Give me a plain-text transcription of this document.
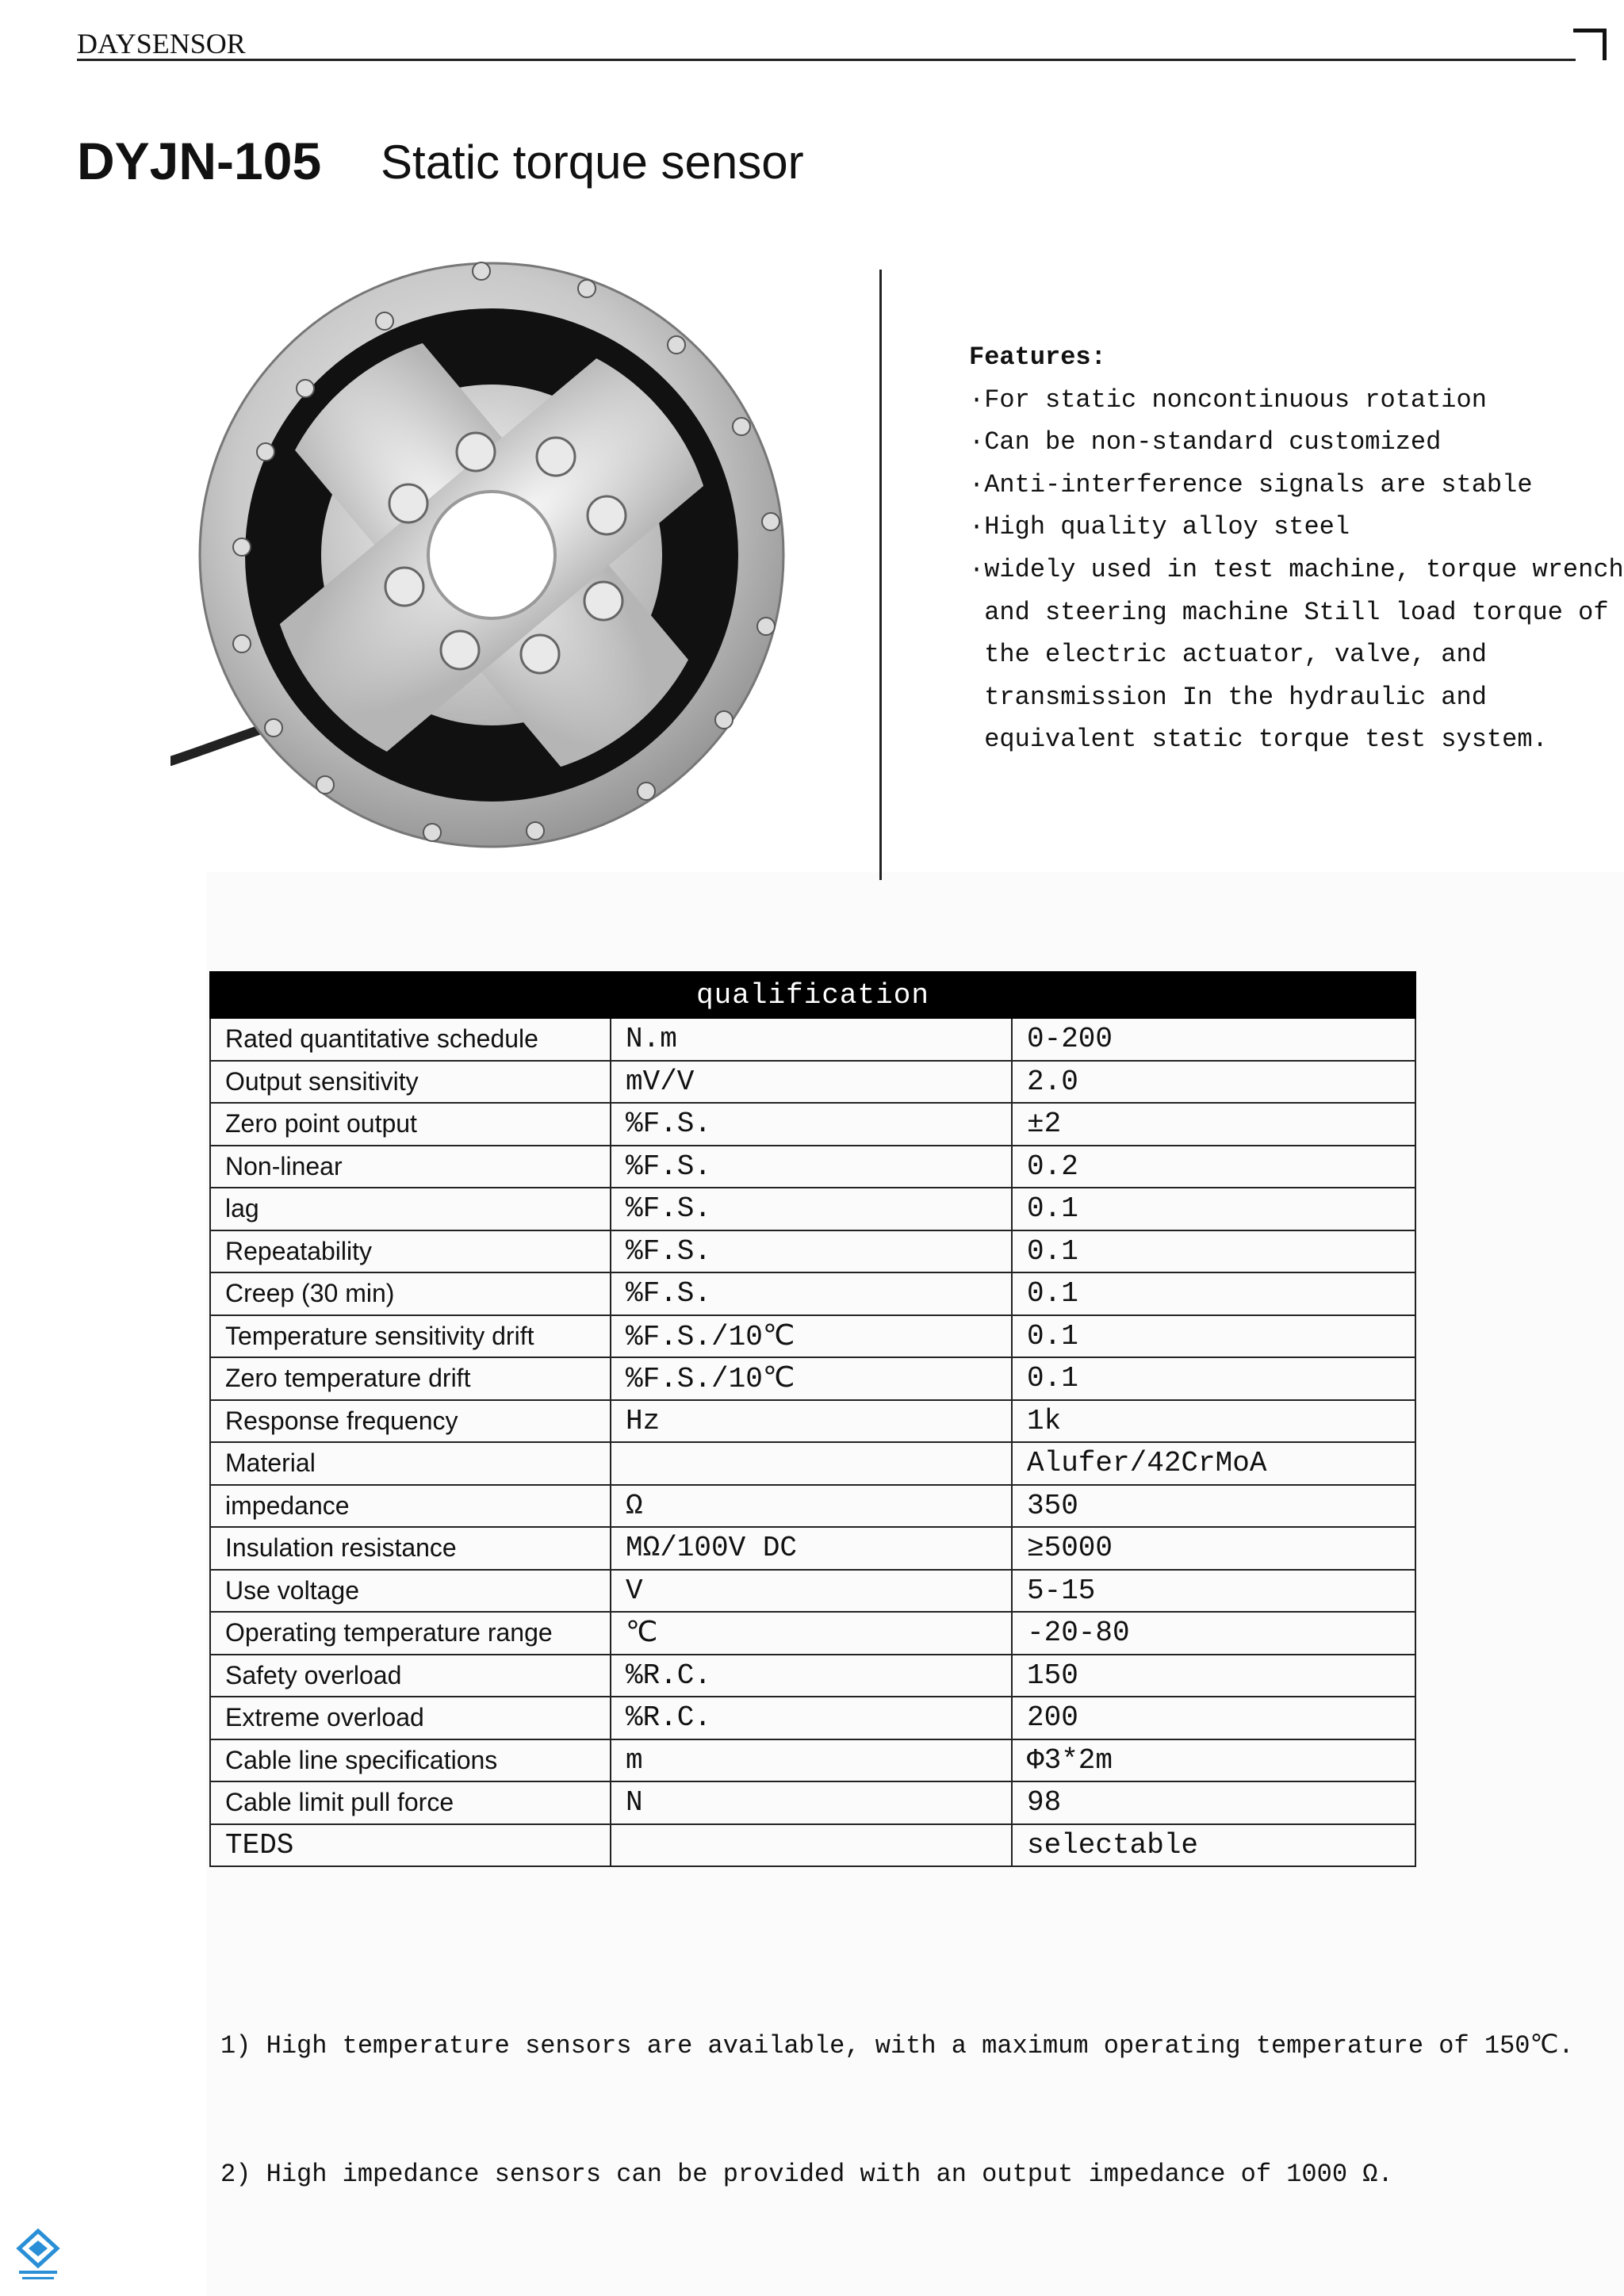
DAYSENSOR
DYJN-105 Static torque sensor
Features:
·For static noncontinuous rotation
·Can be non-standard customized
·Anti-interference signals are stable
·High quality alloy steel
·widely used in test machine, torque wrench
and steering machine Still load torque of
the electric actuator, valve, and
transmission In the hydraulic and
equivalent static torque test system.
qualification		
Rated quantitative schedule	N.m	0-200
Output sensitivity	mV/V	2.0
Zero point output	%F.S.	±2
Non-linear	%F.S.	0.2
lag	%F.S.	0.1
Repeatability	%F.S.	0.1
Creep (30 min)	%F.S.	0.1
Temperature sensitivity drift	%F.S./10℃	0.1
Zero temperature drift	%F.S./10℃	0.1
Response frequency	Hz	1k
Material		Alufer/42CrMoA
impedance	Ω	350
Insulation resistance	MΩ/100V DC	≥5000
Use voltage	V	5-15
Operating temperature range	℃	-20-80
Safety overload	%R.C.	150
Extreme overload	%R.C.	200
Cable line specifications	m	Φ3*2m
Cable limit pull force	N	98
TEDS		selectable

1) High temperature sensors are available, with a maximum operating temperature of 150℃.

2) High impedance sensors can be provided with an output impedance of 1000 Ω.
